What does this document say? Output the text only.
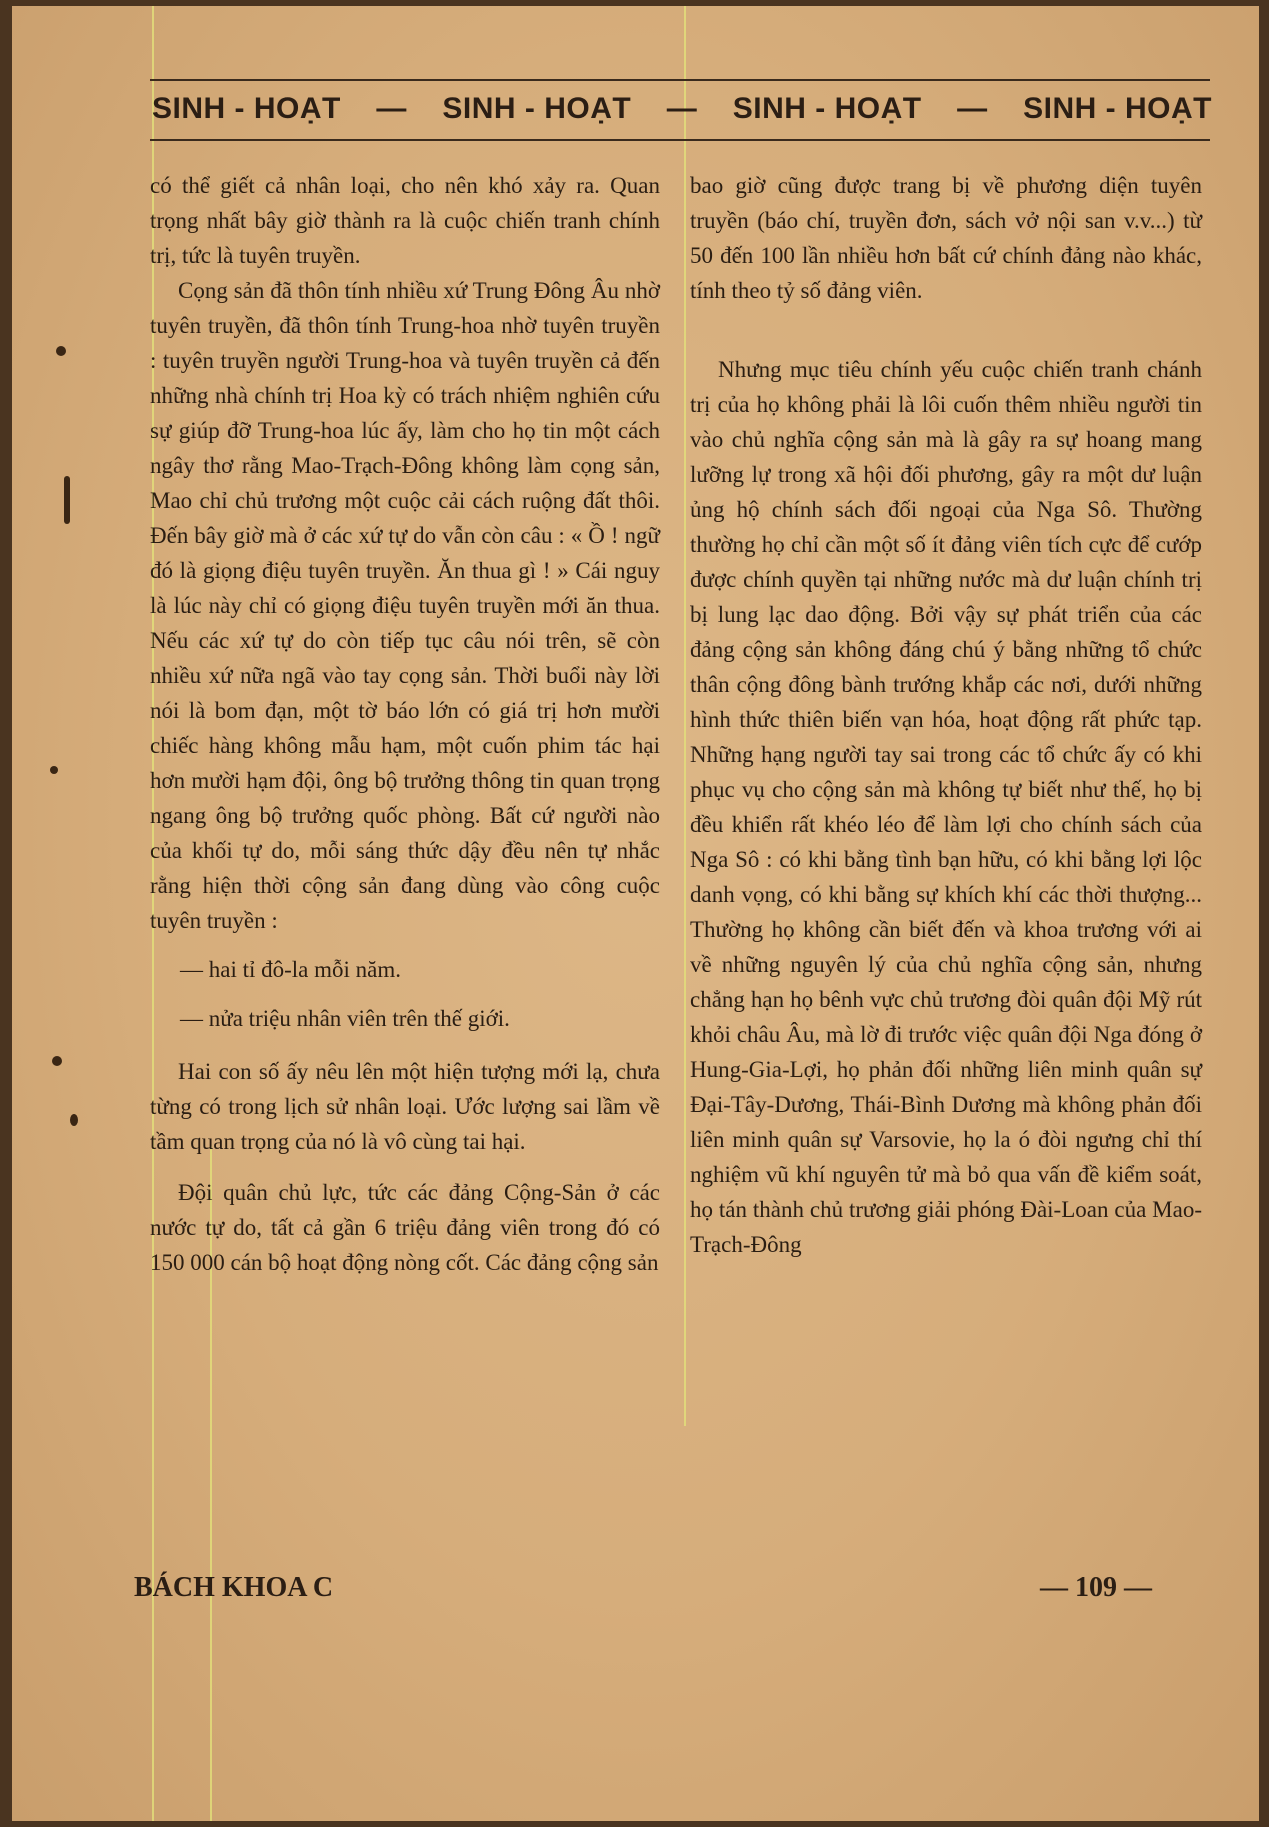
SINH - HOẠT — SINH - HOẠT — SINH - HOẠT — SINH - HOẠT

có thể giết cả nhân loại, cho nên khó xảy ra. Quan trọng nhất bây giờ thành ra là cuộc chiến tranh chính trị, tức là tuyên truyền.

Cọng sản đã thôn tính nhiều xứ Trung Đông Âu nhờ tuyên truyền, đã thôn tính Trung-hoa nhờ tuyên truyền : tuyên truyền người Trung-hoa và tuyên truyền cả đến những nhà chính trị Hoa kỳ có trách nhiệm nghiên cứu sự giúp đỡ Trung-hoa lúc ấy, làm cho họ tin một cách ngây thơ rằng Mao-Trạch-Đông không làm cọng sản, Mao chỉ chủ trương một cuộc cải cách ruộng đất thôi. Đến bây giờ mà ở các xứ tự do vẫn còn câu : « Ồ ! ngữ đó là giọng điệu tuyên truyền. Ăn thua gì ! » Cái nguy là lúc này chỉ có giọng điệu tuyên truyền mới ăn thua. Nếu các xứ tự do còn tiếp tục câu nói trên, sẽ còn nhiều xứ nữa ngã vào tay cọng sản. Thời buổi này lời nói là bom đạn, một tờ báo lớn có giá trị hơn mười chiếc hàng không mẫu hạm, một cuốn phim tác hại hơn mười hạm đội, ông bộ trưởng thông tin quan trọng ngang ông bộ trưởng quốc phòng. Bất cứ người nào của khối tự do, mỗi sáng thức dậy đều nên tự nhắc rằng hiện thời cộng sản đang dùng vào công cuộc tuyên truyền :

— hai tỉ đô-la mỗi năm.

— nửa triệu nhân viên trên thế giới.

Hai con số ấy nêu lên một hiện tượng mới lạ, chưa từng có trong lịch sử nhân loại. Ước lượng sai lầm về tầm quan trọng của nó là vô cùng tai hại.

Đội quân chủ lực, tức các đảng Cộng-Sản ở các nước tự do, tất cả gần 6 triệu đảng viên trong đó có 150 000 cán bộ hoạt động nòng cốt. Các đảng cộng sản

bao giờ cũng được trang bị về phương diện tuyên truyền (báo chí, truyền đơn, sách vở nội san v.v...) từ 50 đến 100 lần nhiều hơn bất cứ chính đảng nào khác, tính theo tỷ số đảng viên.

Nhưng mục tiêu chính yếu cuộc chiến tranh chánh trị của họ không phải là lôi cuốn thêm nhiều người tin vào chủ nghĩa cộng sản mà là gây ra sự hoang mang lưỡng lự trong xã hội đối phương, gây ra một dư luận ủng hộ chính sách đối ngoại của Nga Sô. Thường thường họ chỉ cần một số ít đảng viên tích cực để cướp được chính quyền tại những nước mà dư luận chính trị bị lung lạc dao động. Bởi vậy sự phát triển của các đảng cộng sản không đáng chú ý bằng những tổ chức thân cộng đông bành trướng khắp các nơi, dưới những hình thức thiên biến vạn hóa, hoạt động rất phức tạp. Những hạng người tay sai trong các tổ chức ấy có khi phục vụ cho cộng sản mà không tự biết như thế, họ bị đều khiển rất khéo léo để làm lợi cho chính sách của Nga Sô : có khi bằng tình bạn hữu, có khi bằng lợi lộc danh vọng, có khi bằng sự khích khí các thời thượng... Thường họ không cần biết đến và khoa trương với ai về những nguyên lý của chủ nghĩa cộng sản, nhưng chẳng hạn họ bênh vực chủ trương đòi quân đội Mỹ rút khỏi châu Âu, mà lờ đi trước việc quân đội Nga đóng ở Hung-Gia-Lợi, họ phản đối những liên minh quân sự Đại-Tây-Dương, Thái-Bình Dương mà không phản đối liên minh quân sự Varsovie, họ la ó đòi ngưng chỉ thí nghiệm vũ khí nguyên tử mà bỏ qua vấn đề kiểm soát, họ tán thành chủ trương giải phóng Đài-Loan của Mao-Trạch-Đông

BÁCH KHOA C	— 109 —
